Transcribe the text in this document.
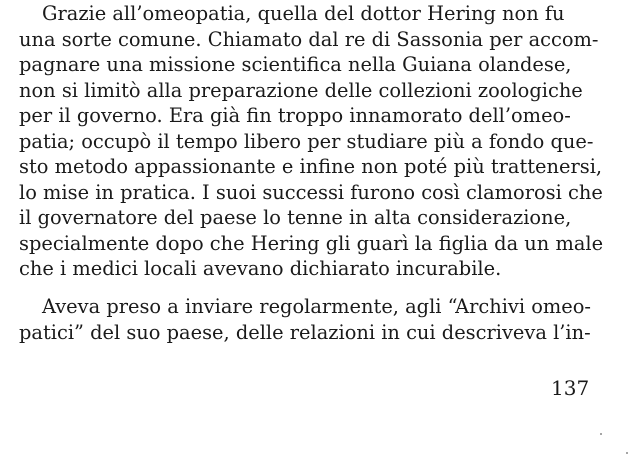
Grazie all’omeopatia, quella del dottor Hering non fu
una sorte comune. Chiamato dal re di Sassonia per accom-
pagnare una missione scientifica nella Guiana olandese,
non si limitò alla preparazione delle collezioni zoologiche
per il governo. Era già fin troppo innamorato dell’omeo-
patia; occupò il tempo libero per studiare più a fondo que-
sto metodo appassionante e infine non poté più trattenersi,
lo mise in pratica. I suoi successi furono così clamorosi che
il governatore del paese lo tenne in alta considerazione,
specialmente dopo che Hering gli guarì la figlia da un male
che i medici locali avevano dichiarato incurabile.
Aveva preso a inviare regolarmente, agli “Archivi omeo-
patici” del suo paese, delle relazioni in cui descriveva l’in-
137
